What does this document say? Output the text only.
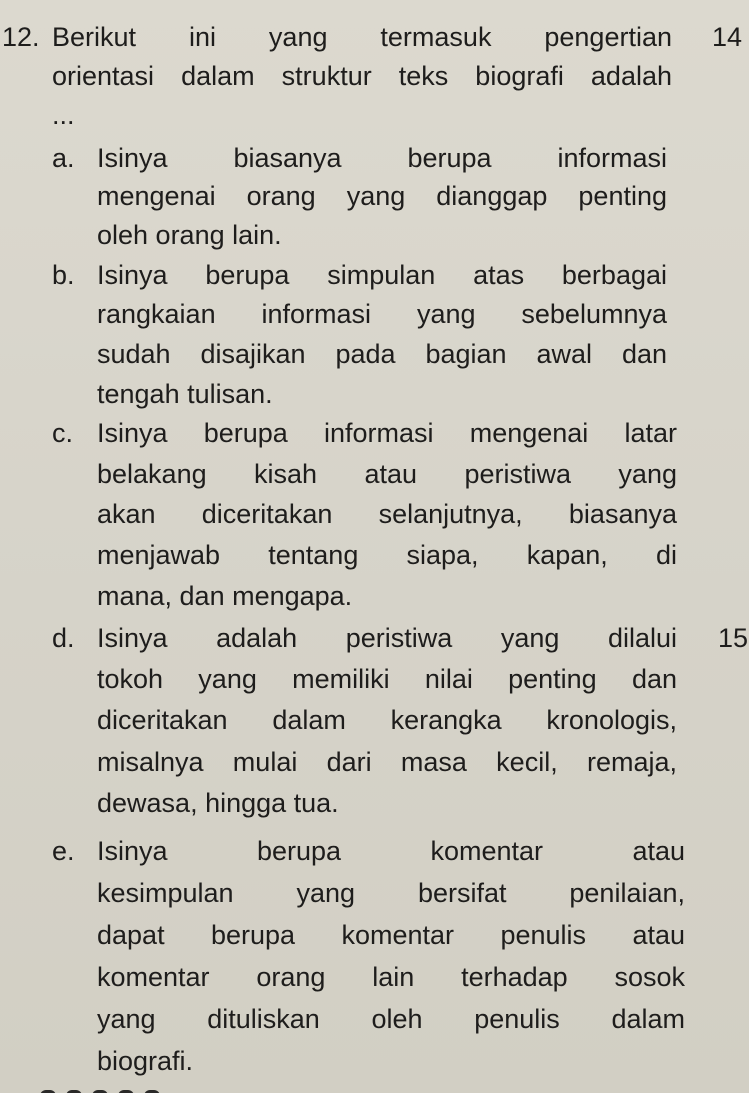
12. Berikut ini yang termasuk pengertian 14
orientasi dalam struktur teks biografi adalah
...
a. Isinya biasanya berupa informasi
mengenai orang yang dianggap penting
oleh orang lain.
b. Isinya berupa simpulan atas berbagai
rangkaian informasi yang sebelumnya
sudah disajikan pada bagian awal dan
tengah tulisan.
c. Isinya berupa informasi mengenai latar
belakang kisah atau peristiwa yang
akan diceritakan selanjutnya, biasanya
menjawab tentang siapa, kapan, di
mana, dan mengapa.
d. Isinya adalah peristiwa yang dilalui 15
tokoh yang memiliki nilai penting dan
diceritakan dalam kerangka kronologis,
misalnya mulai dari masa kecil, remaja,
dewasa, hingga tua.
e. Isinya berupa komentar atau
kesimpulan yang bersifat penilaian,
dapat berupa komentar penulis atau
komentar orang lain terhadap sosok
yang dituliskan oleh penulis dalam
biografi.
